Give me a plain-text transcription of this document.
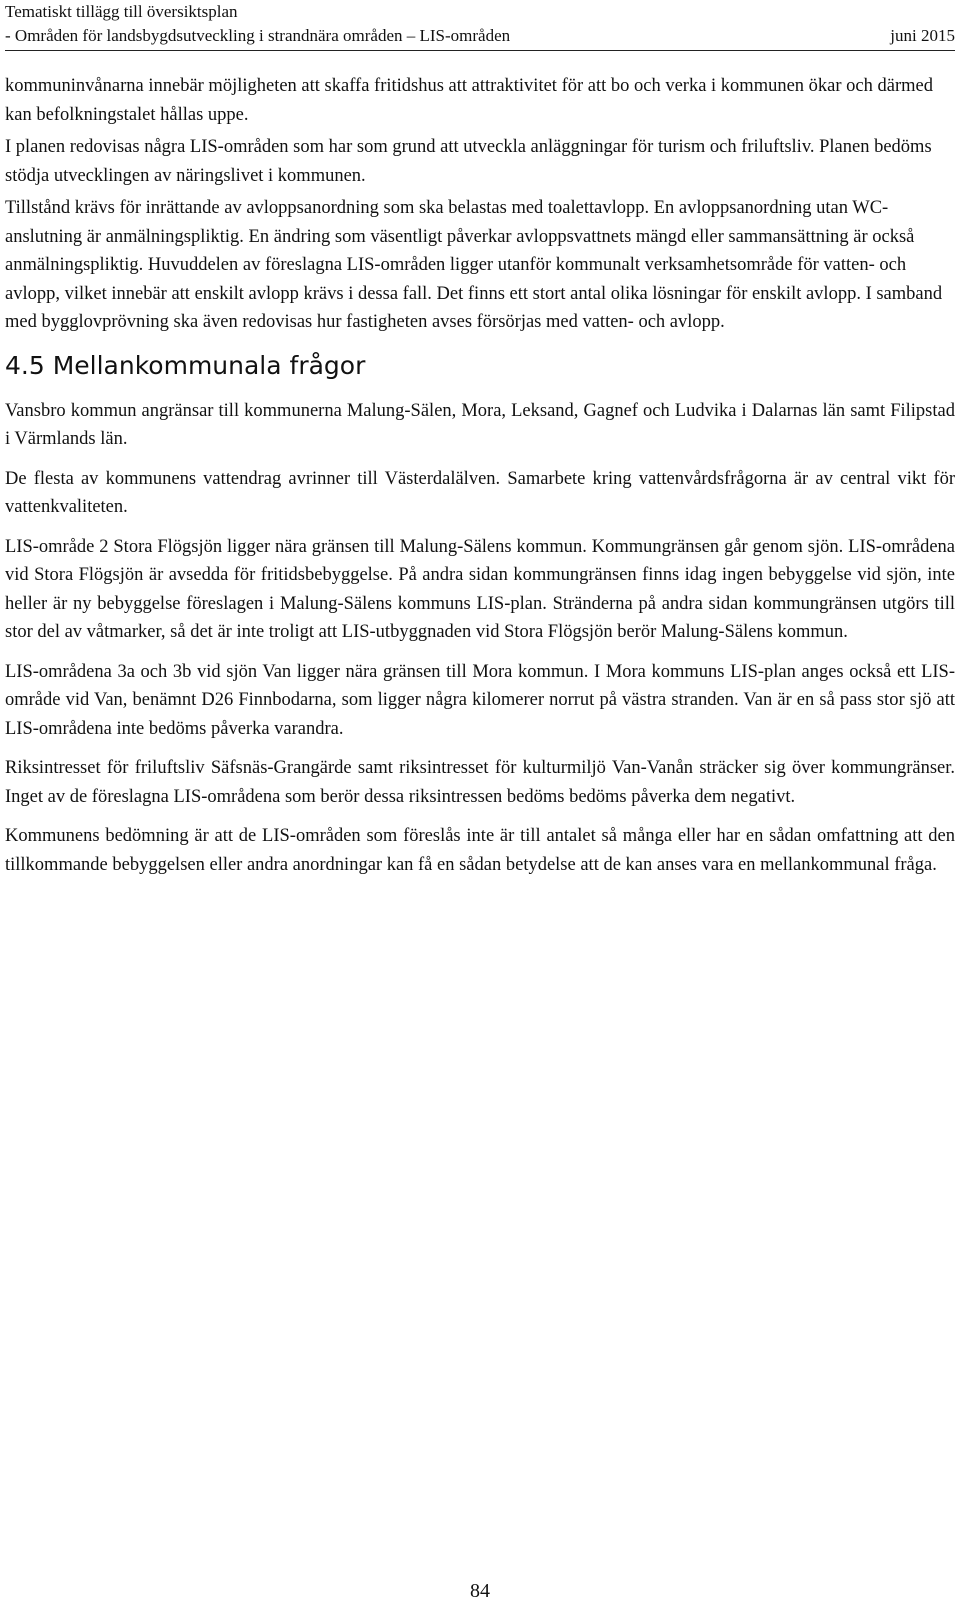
Tematiskt tillägg till översiktsplan
- Områden för landsbygdsutveckling i strandnära områden – LIS-områden	juni 2015

kommuninvånarna innebär möjligheten att skaffa fritidshus att attraktivitet för att bo och verka i kommunen ökar och därmed kan befolkningstalet hållas uppe.

I planen redovisas några LIS-områden som har som grund att utveckla anläggningar för turism och friluftsliv. Planen bedöms stödja utvecklingen av näringslivet i kommunen.

Tillstånd krävs för inrättande av avloppsanordning som ska belastas med toalettavlopp. En avloppsanordning utan WC-anslutning är anmälningspliktig. En ändring som väsentligt påverkar avloppsvattnets mängd eller sammansättning är också anmälningspliktig. Huvuddelen av föreslagna LIS-områden ligger utanför kommunalt verksamhetsområde för vatten- och avlopp, vilket innebär att enskilt avlopp krävs i dessa fall. Det finns ett stort antal olika lösningar för enskilt avlopp. I samband med bygglovprövning ska även redovisas hur fastigheten avses försörjas med vatten- och avlopp.

4.5 Mellankommunala frågor

Vansbro kommun angränsar till kommunerna Malung-Sälen, Mora, Leksand, Gagnef och Ludvika i Dalarnas län samt Filipstad i Värmlands län.

De flesta av kommunens vattendrag avrinner till Västerdalälven. Samarbete kring vattenvårdsfrågorna är av central vikt för vattenkvaliteten.

LIS-område 2 Stora Flögsjön ligger nära gränsen till Malung-Sälens kommun. Kommungränsen går genom sjön. LIS-områdena vid Stora Flögsjön är avsedda för fritidsbebyggelse. På andra sidan kommungränsen finns idag ingen bebyggelse vid sjön, inte heller är ny bebyggelse föreslagen i Malung-Sälens kommuns LIS-plan. Stränderna på andra sidan kommungränsen utgörs till stor del av våtmarker, så det är inte troligt att LIS-utbyggnaden vid Stora Flögsjön berör Malung-Sälens kommun.

LIS-områdena 3a och 3b vid sjön Van ligger nära gränsen till Mora kommun. I Mora kommuns LIS-plan anges också ett LIS-område vid Van, benämnt D26 Finnbodarna, som ligger några kilomerer norrut på västra stranden. Van är en så pass stor sjö att LIS-områdena inte bedöms påverka varandra.

Riksintresset för friluftsliv Säfsnäs-Grangärde samt riksintresset för kulturmiljö Van-Vanån sträcker sig över kommungränser. Inget av de föreslagna LIS-områdena som berör dessa riksintressen bedöms bedöms påverka dem negativt.

Kommunens bedömning är att de LIS-områden som föreslås inte är till antalet så många eller har en sådan omfattning att den tillkommande bebyggelsen eller andra anordningar kan få en sådan betydelse att de kan anses vara en mellankommunal fråga.

84
